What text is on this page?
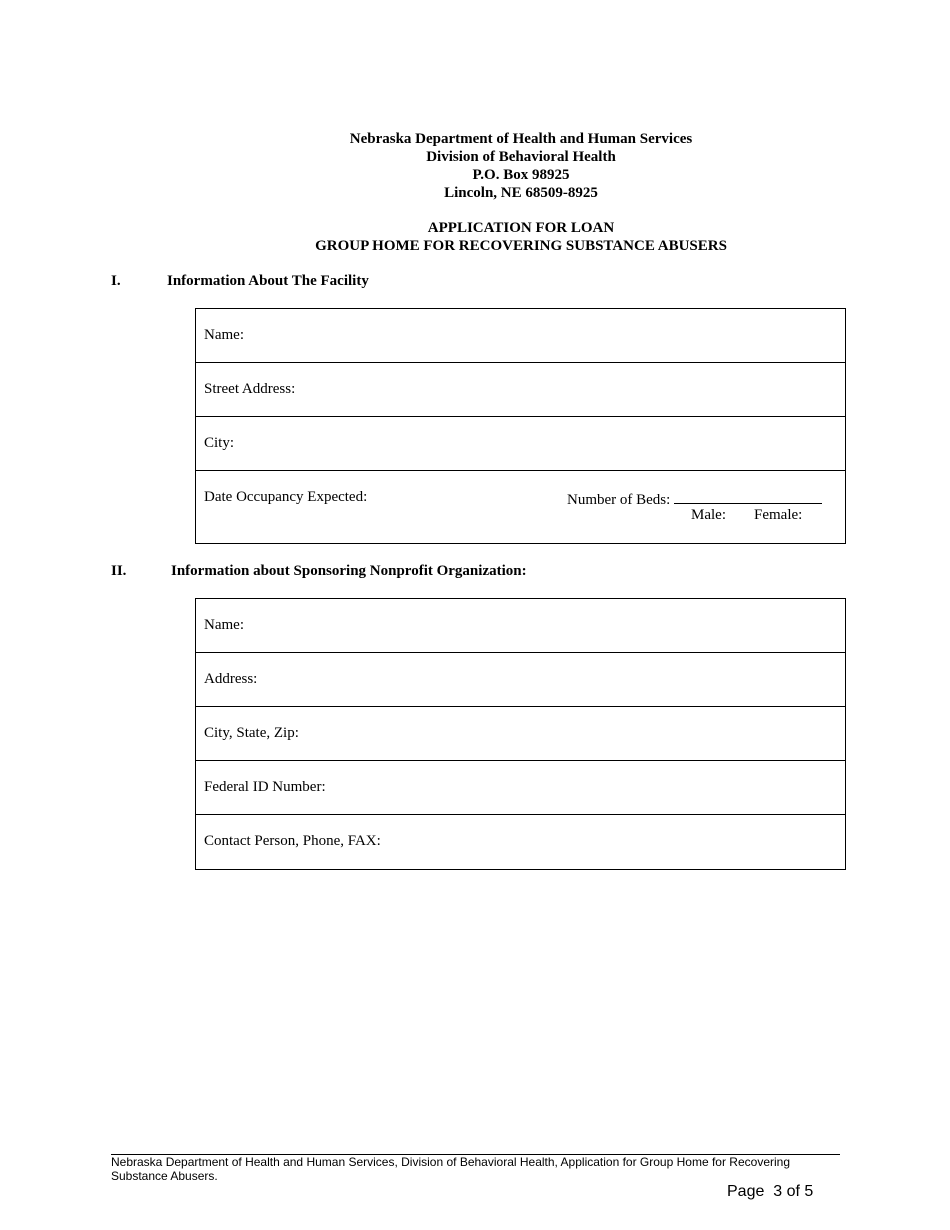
Nebraska Department of Health and Human Services
Division of Behavioral Health
P.O. Box 98925
Lincoln, NE 68509-8925
APPLICATION FOR LOAN
GROUP HOME FOR RECOVERING SUBSTANCE ABUSERS
I.	Information About The Facility
Name:
Street Address:
City:
Date Occupancy Expected:	Number of Beds:
Male: Female:
II.	Information about Sponsoring Nonprofit Organization:
Name:
Address:
City, State, Zip:
Federal ID Number:
Contact Person, Phone, FAX:
Nebraska Department of Health and Human Services, Division of Behavioral Health, Application for Group Home for Recovering Substance Abusers.
Page  3 of 5
